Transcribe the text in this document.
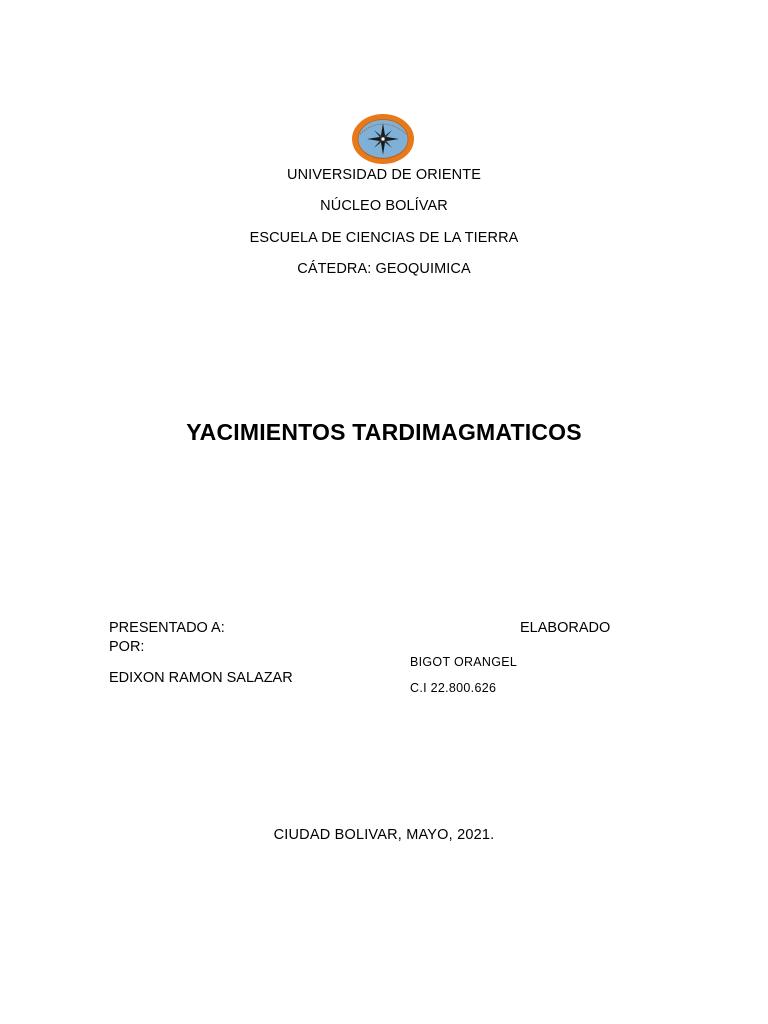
UNIVERSIDAD DE ORIENTE
NÚCLEO BOLÍVAR
ESCUELA DE CIENCIAS DE LA TIERRA
CÁTEDRA: GEOQUIMICA
YACIMIENTOS TARDIMAGMATICOS
PRESENTADO A:	ELABORADO
POR:
EDIXON RAMON SALAZAR
BIGOT ORANGEL
C.I 22.800.626
CIUDAD BOLIVAR, MAYO, 2021.
